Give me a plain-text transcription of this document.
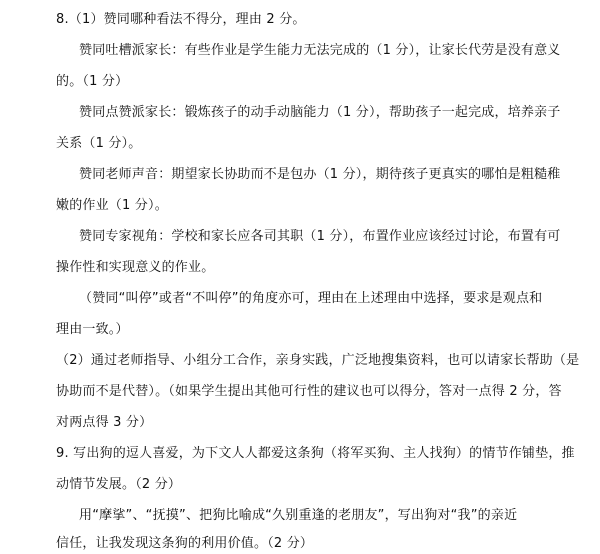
8.（1）赞同哪种看法不得分，理由 2 分。
赞同吐槽派家长：有些作业是学生能力无法完成的（1 分），让家长代劳是没有意义
的。（1 分）
赞同点赞派家长：锻炼孩子的动手动脑能力（1 分），帮助孩子一起完成，培养亲子
关系（1 分）。
赞同老师声音：期望家长协助而不是包办（1 分），期待孩子更真实的哪怕是粗糙稚
嫩的作业（1 分）。
赞同专家视角：学校和家长应各司其职（1 分），布置作业应该经过讨论，布置有可
操作性和实现意义的作业。
（赞同“叫停”或者“不叫停”的角度亦可，理由在上述理由中选择，要求是观点和
理由一致。）
（2）通过老师指导、小组分工合作，亲身实践，广泛地搜集资料，也可以请家长帮助（是
协助而不是代替）。（如果学生提出其他可行性的建议也可以得分，答对一点得 2 分，答
对两点得 3 分）
9. 写出狗的逗人喜爱，为下文人人都爱这条狗（将军买狗、主人找狗）的情节作铺垫，推
动情节发展。（2 分）
用“摩挲”、“抚摸”、把狗比喻成“久别重逢的老朋友”，写出狗对“我”的亲近
信任，让我发现这条狗的利用价值。（2 分）
